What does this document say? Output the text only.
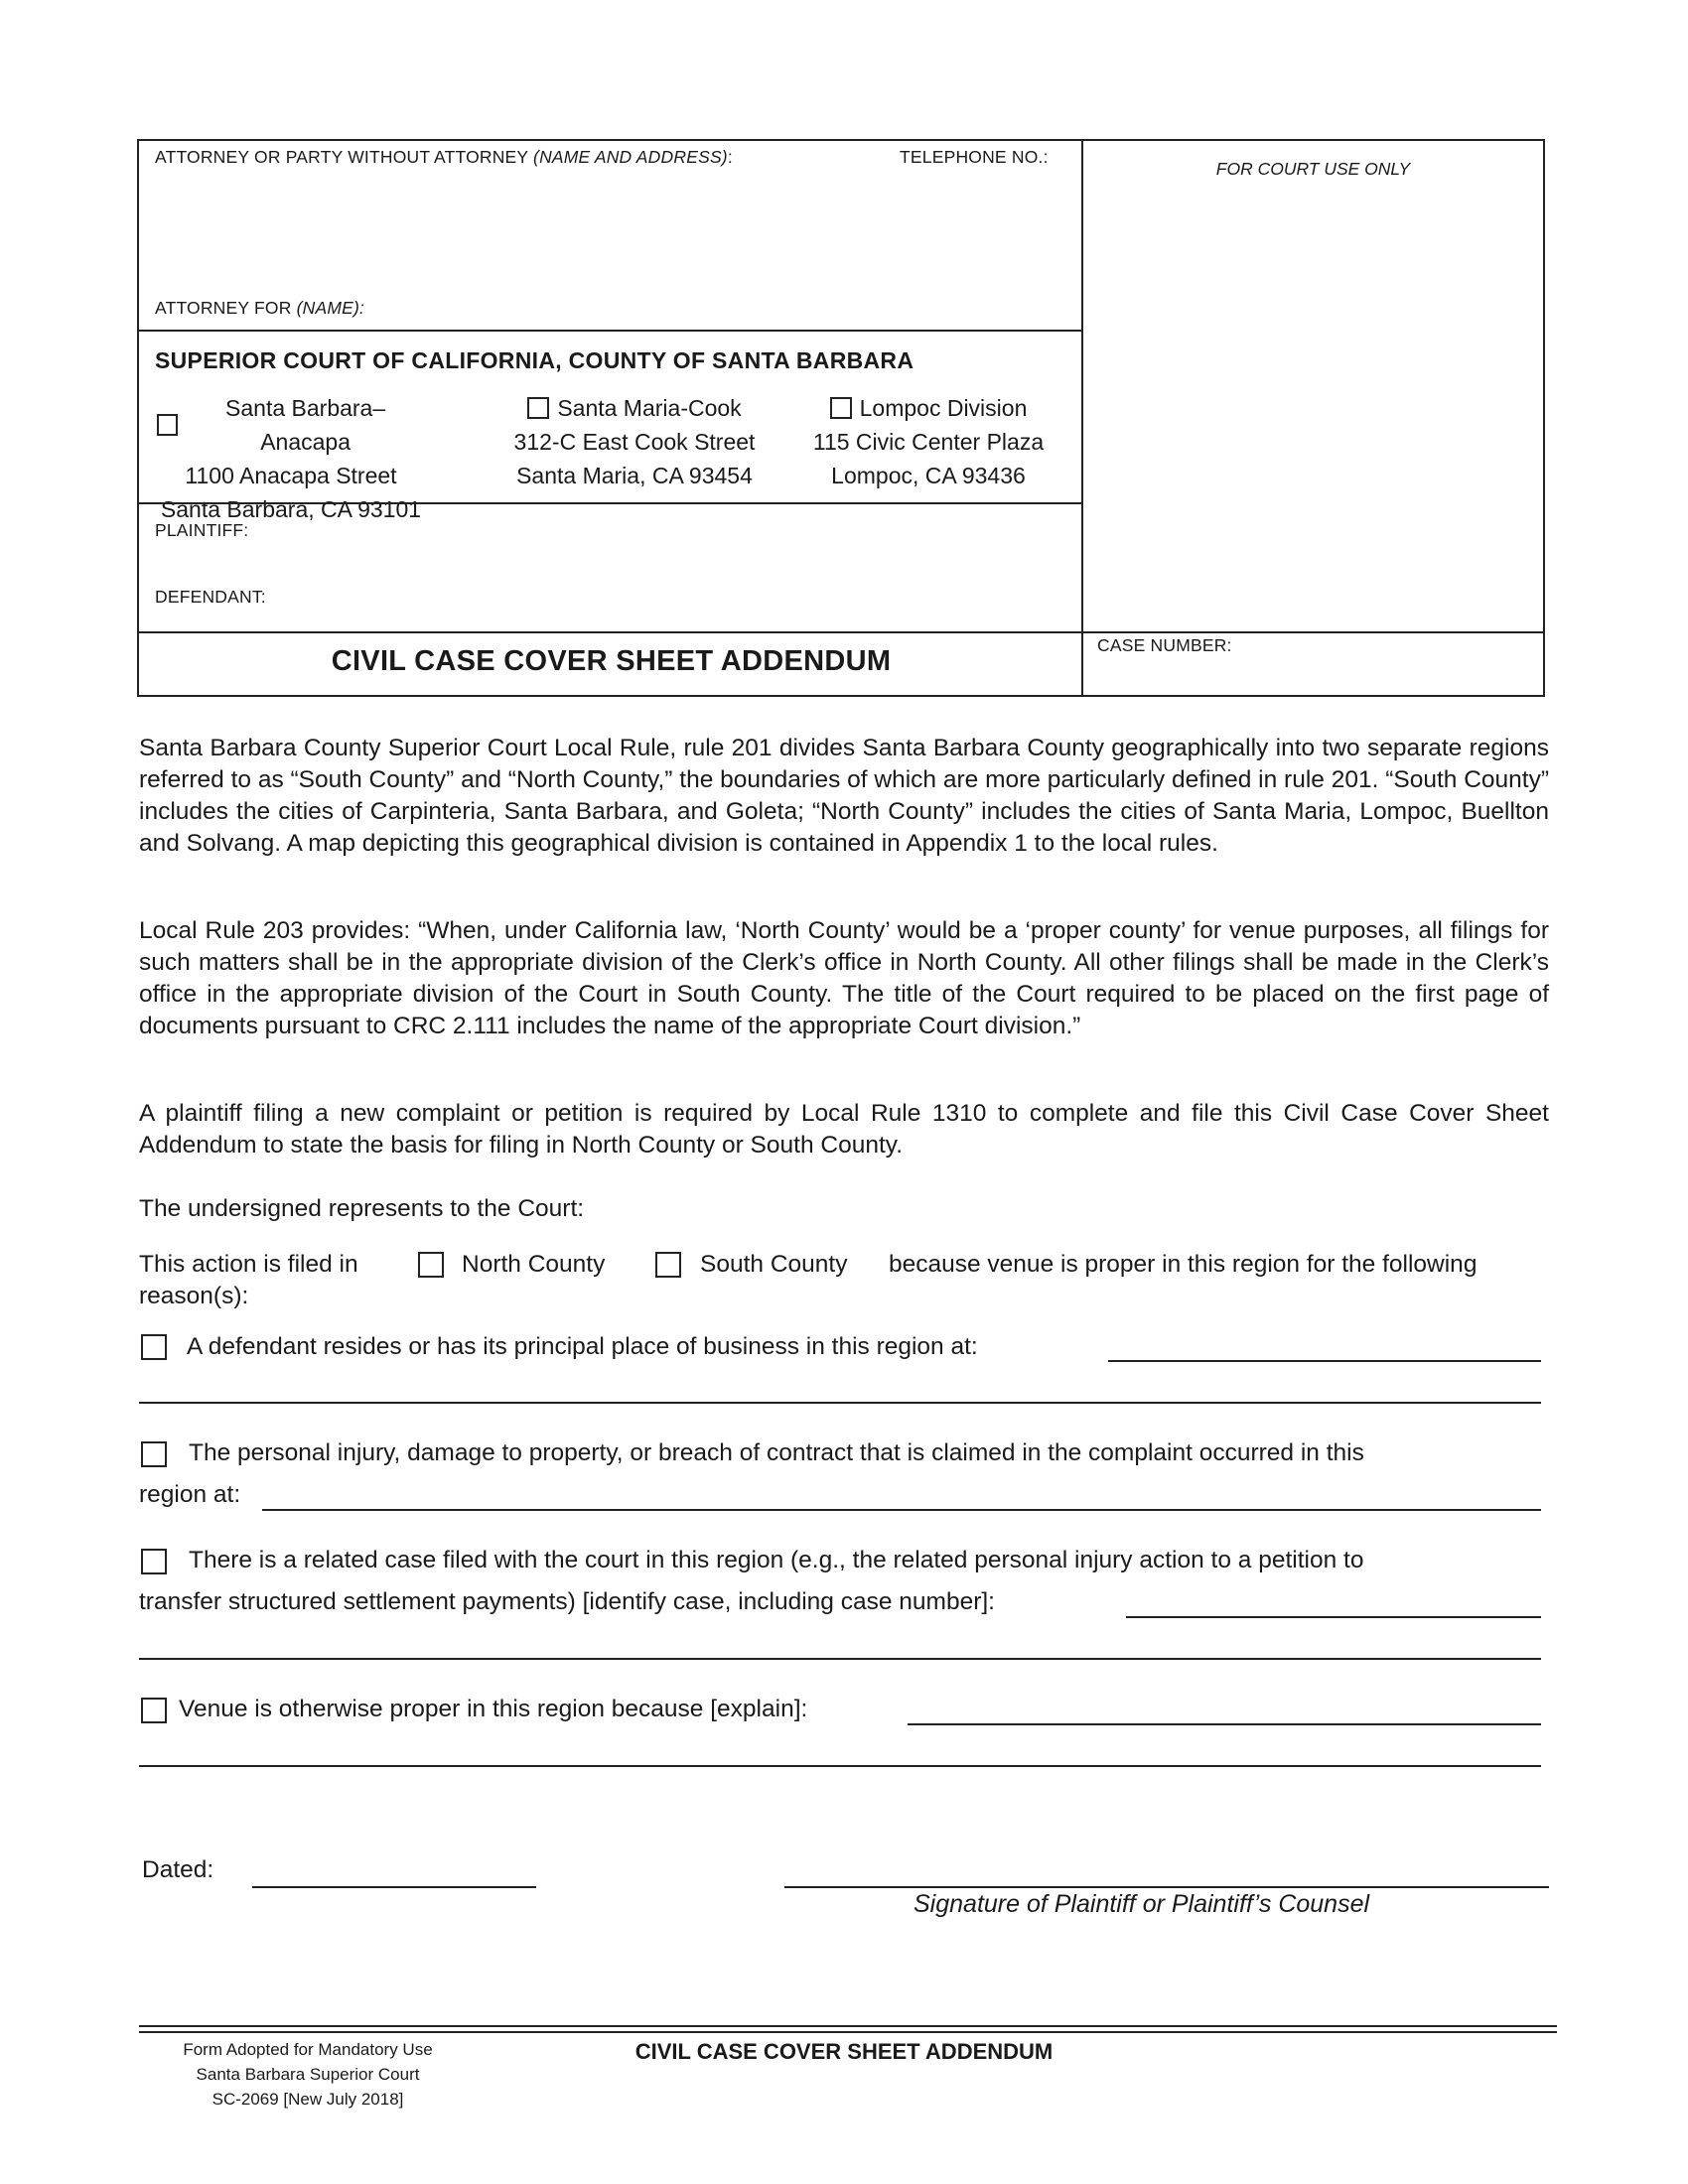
ATTORNEY OR PARTY WITHOUT ATTORNEY (NAME AND ADDRESS):	TELEPHONE NO.:
ATTORNEY FOR (NAME):
SUPERIOR COURT OF CALIFORNIA, COUNTY OF SANTA BARBARA
Santa Barbara–Anacapa
1100 Anacapa Street
Santa Barbara, CA 93101
Santa Maria-Cook
312-C East Cook Street
Santa Maria, CA 93454
Lompoc Division
115 Civic Center Plaza
Lompoc, CA 93436
PLAINTIFF:
DEFENDANT:
CIVIL CASE COVER SHEET ADDENDUM
FOR COURT USE ONLY
CASE NUMBER:

Santa Barbara County Superior Court Local Rule, rule 201 divides Santa Barbara County geographically into two separate regions referred to as “South County” and “North County,” the boundaries of which are more particularly defined in rule 201. “South County” includes the cities of Carpinteria, Santa Barbara, and Goleta; “North County” includes the cities of Santa Maria, Lompoc, Buellton and Solvang. A map depicting this geographical division is contained in Appendix 1 to the local rules.

Local Rule 203 provides: “When, under California law, ‘North County’ would be a ‘proper county’ for venue purposes, all filings for such matters shall be in the appropriate division of the Clerk’s office in North County. All other filings shall be made in the Clerk’s office in the appropriate division of the Court in South County. The title of the Court required to be placed on the first page of documents pursuant to CRC 2.111 includes the name of the appropriate Court division.”

A plaintiff filing a new complaint or petition is required by Local Rule 1310 to complete and file this Civil Case Cover Sheet Addendum to state the basis for filing in North County or South County.

The undersigned represents to the Court:
This action is filed in	North County	South County because venue is proper in this region for the following
reason(s):
A defendant resides or has its principal place of business in this region at:
The personal injury, damage to property, or breach of contract that is claimed in the complaint occurred in this
region at:
There is a related case filed with the court in this region (e.g., the related personal injury action to a petition to
transfer structured settlement payments) [identify case, including case number]:
Venue is otherwise proper in this region because [explain]:
Dated:
Signature of Plaintiff or Plaintiff’s Counsel
Form Adopted for Mandatory Use
Santa Barbara Superior Court
SC-2069 [New July 2018]
CIVIL CASE COVER SHEET ADDENDUM
